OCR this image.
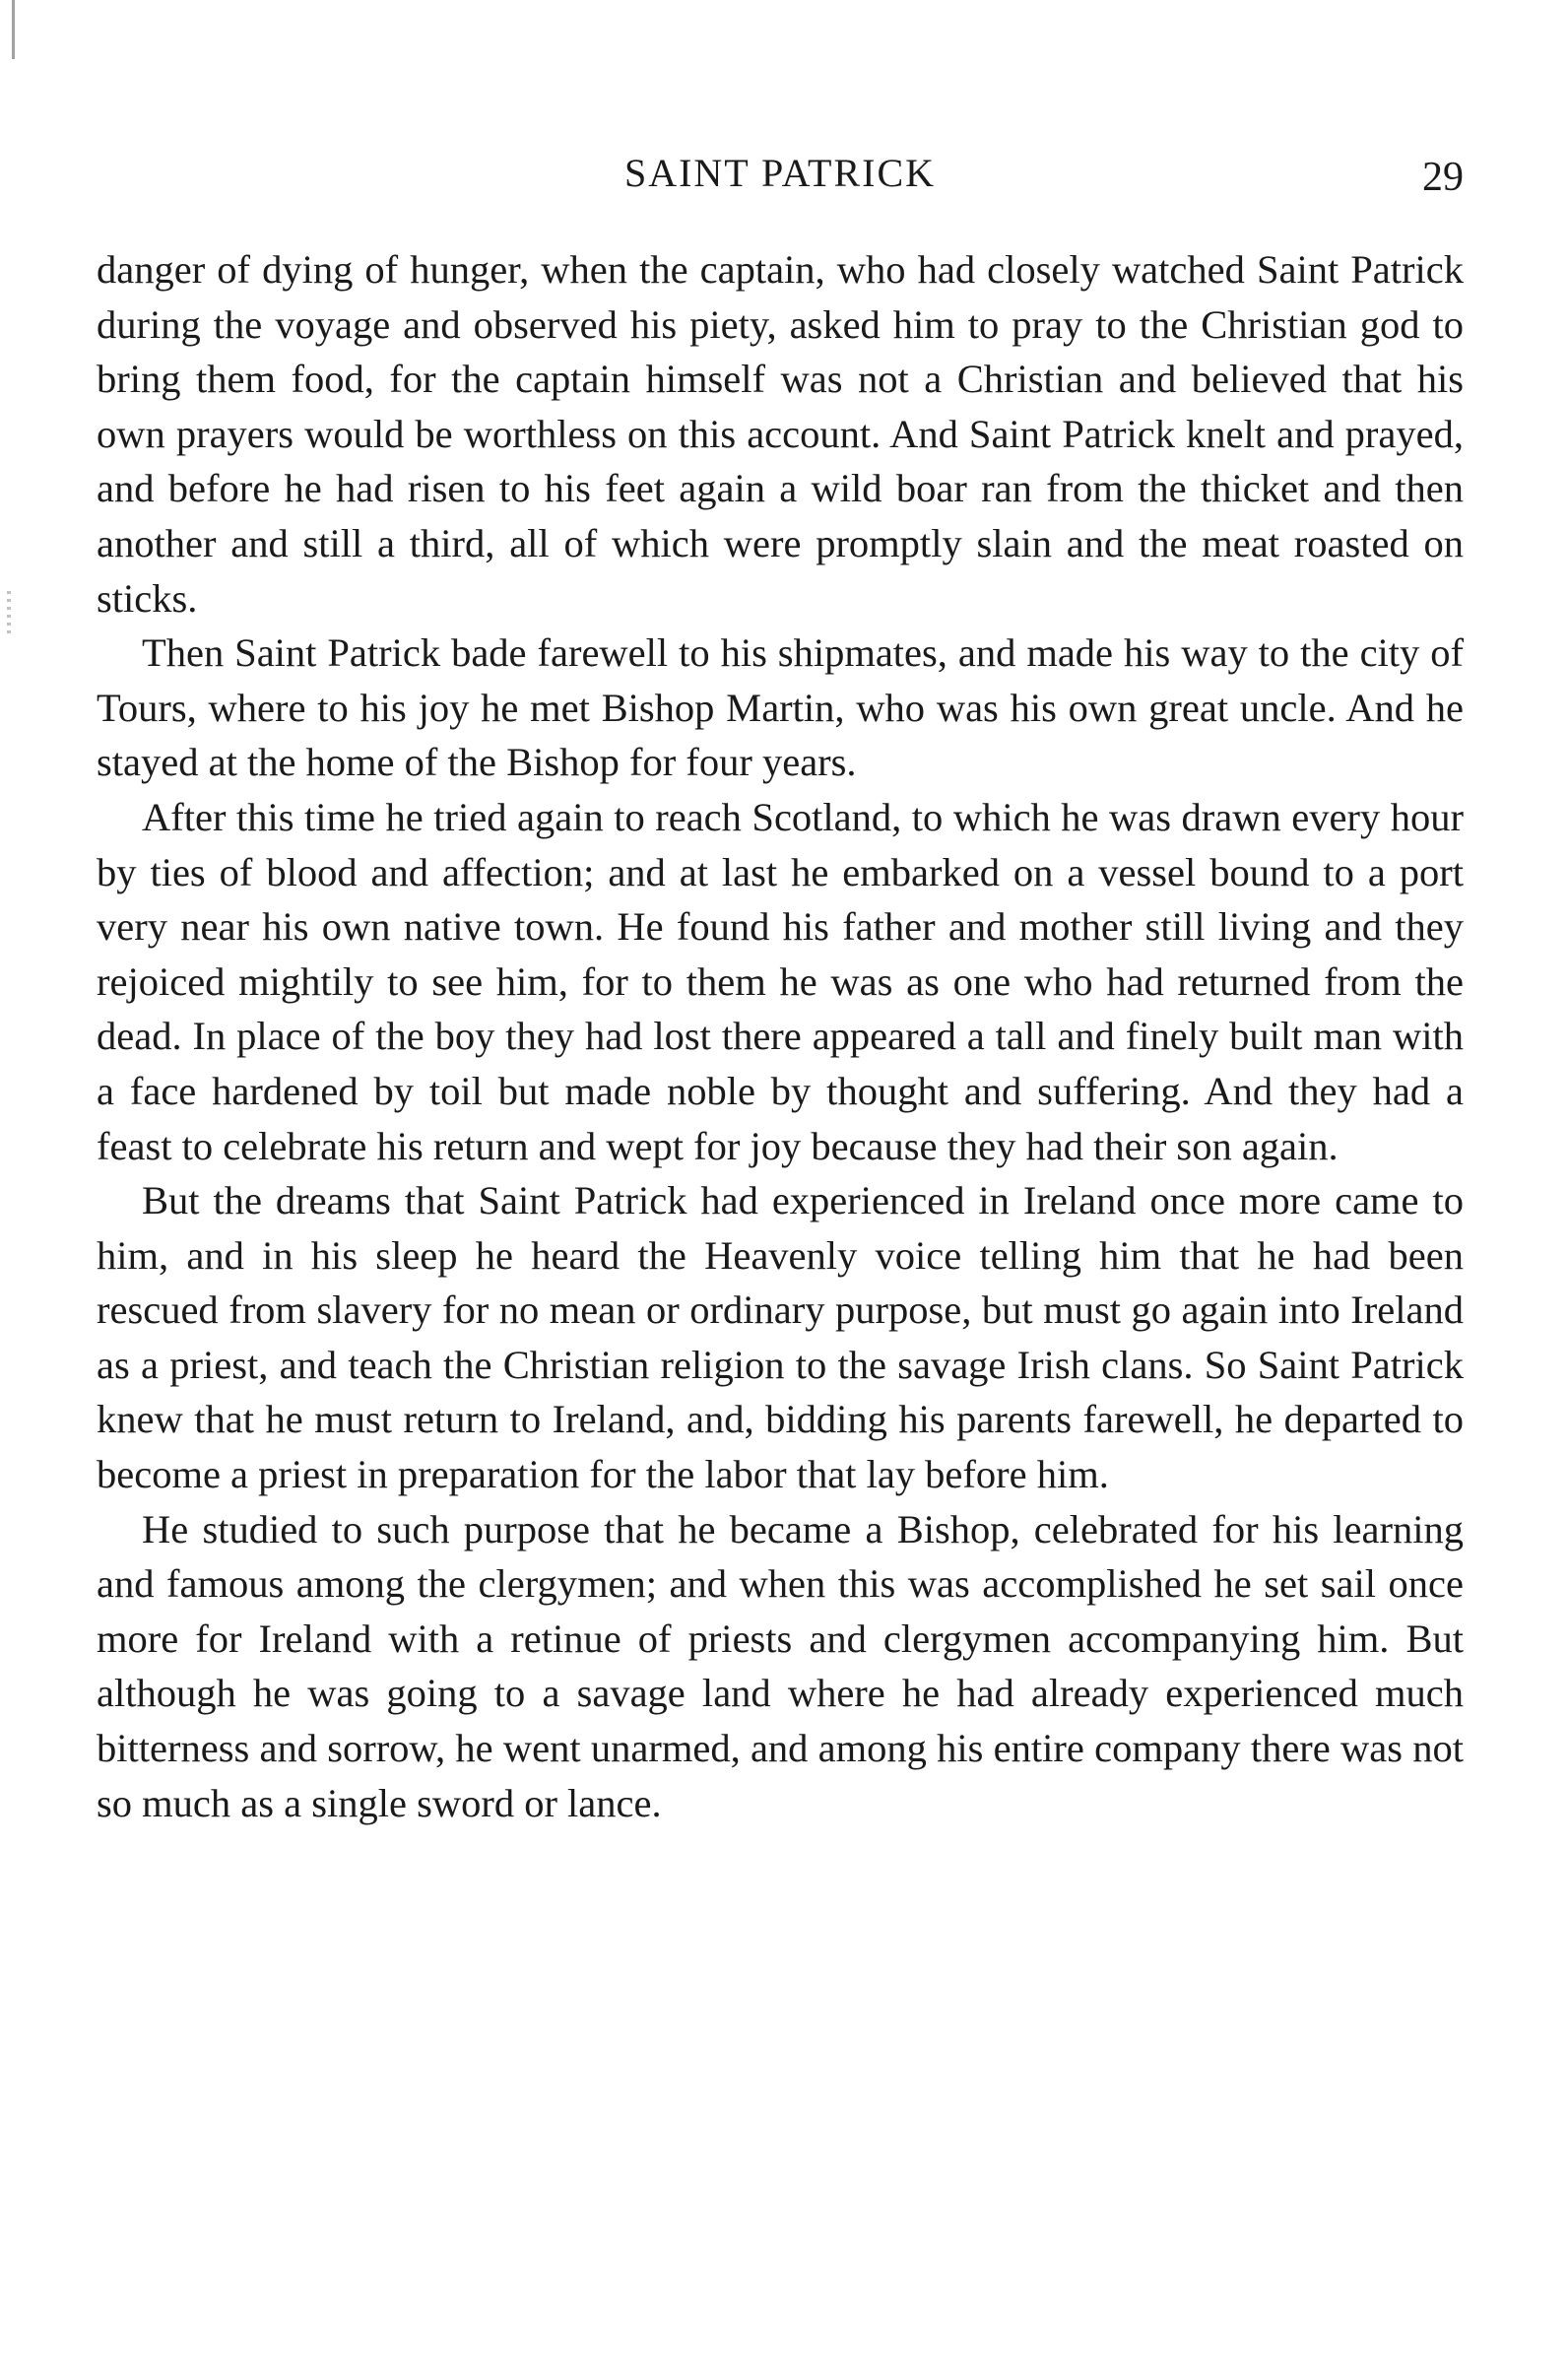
SAINT PATRICK	29

danger of dying of hunger, when the captain, who had closely watched Saint Patrick during the voyage and observed his piety, asked him to pray to the Christian god to bring them food, for the captain himself was not a Christian and believed that his own prayers would be worthless on this account. And Saint Patrick knelt and prayed, and before he had risen to his feet again a wild boar ran from the thicket and then another and still a third, all of which were promptly slain and the meat roasted on sticks.

Then Saint Patrick bade farewell to his shipmates, and made his way to the city of Tours, where to his joy he met Bishop Martin, who was his own great uncle. And he stayed at the home of the Bishop for four years.

After this time he tried again to reach Scotland, to which he was drawn every hour by ties of blood and affection; and at last he embarked on a vessel bound to a port very near his own native town. He found his father and mother still living and they rejoiced mightily to see him, for to them he was as one who had returned from the dead. In place of the boy they had lost there appeared a tall and finely built man with a face hardened by toil but made noble by thought and suffering. And they had a feast to celebrate his return and wept for joy because they had their son again.

But the dreams that Saint Patrick had experienced in Ireland once more came to him, and in his sleep he heard the Heavenly voice telling him that he had been rescued from slavery for no mean or ordinary purpose, but must go again into Ireland as a priest, and teach the Christian religion to the savage Irish clans. So Saint Patrick knew that he must return to Ireland, and, bidding his parents farewell, he departed to become a priest in preparation for the labor that lay before him.

He studied to such purpose that he became a Bishop, celebrated for his learning and famous among the clergymen; and when this was accomplished he set sail once more for Ireland with a retinue of priests and clergymen accompanying him. But although he was going to a savage land where he had already experienced much bitterness and sorrow, he went unarmed, and among his entire company there was not so much as a single sword or lance.
